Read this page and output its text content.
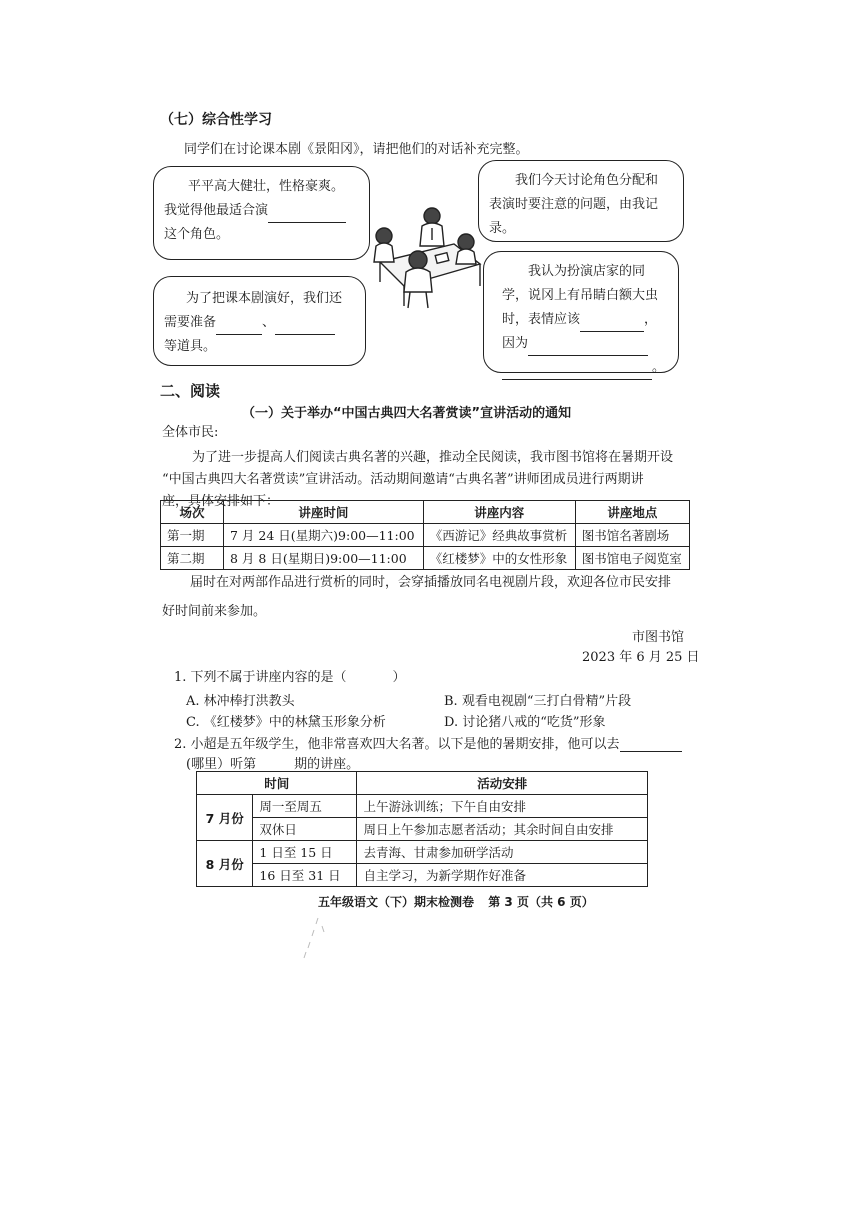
（七）综合性学习
同学们在讨论课本剧《景阳冈》，请把他们的对话补充完整。
平平高大健壮，性格豪爽。
我觉得他最适合演
这个角色。
我们今天讨论角色分配和
表演时要注意的问题，由我记
录。
为了把课本剧演好，我们还
需要准备	、
等道具。
我认为扮演店家的同
学，说冈上有吊睛白额大虫
时，表情应该	，
因为
。
二、阅读
（一）关于举办“中国古典四大名著赏读”宣讲活动的通知
全体市民:
为了进一步提高人们阅读古典名著的兴趣，推动全民阅读，我市图书馆将在暑期开设
“中国古典四大名著赏读”宣讲活动。活动期间邀请“古典名著”讲师团成员进行两期讲
座，具体安排如下：
场次	讲座时间	讲座内容	讲座地点
第一期	7 月 24 日(星期六)9:00—11:00	《西游记》经典故事赏析	图书馆名著剧场
第二期	8 月 8 日(星期日)9:00—11:00	《红楼梦》中的女性形象	图书馆电子阅览室
届时在对两部作品进行赏析的同时，会穿插播放同名电视剧片段，欢迎各位市民安排
好时间前来参加。
市图书馆
2023 年 6 月 25 日
1. 下列不属于讲座内容的是（	）
A. 林冲棒打洪教头	B. 观看电视剧“三打白骨精”片段
C. 《红楼梦》中的林黛玉形象分析	D. 讨论猪八戒的“吃货”形象
2. 小超是五年级学生，他非常喜欢四大名著。以下是他的暑期安排，他可以去
(哪里）听第	期的讲座。
时间		活动安排
7 月份	周一至周五	上午游泳训练；下午自由安排
	双休日	周日上午参加志愿者活动；其余时间自由安排
8 月份	1 日至 15 日	去青海、甘肃参加研学活动
	16 日至 31 日	自主学习，为新学期作好准备
五年级语文（下）期末检测卷 第 3 页（共 6 页）
